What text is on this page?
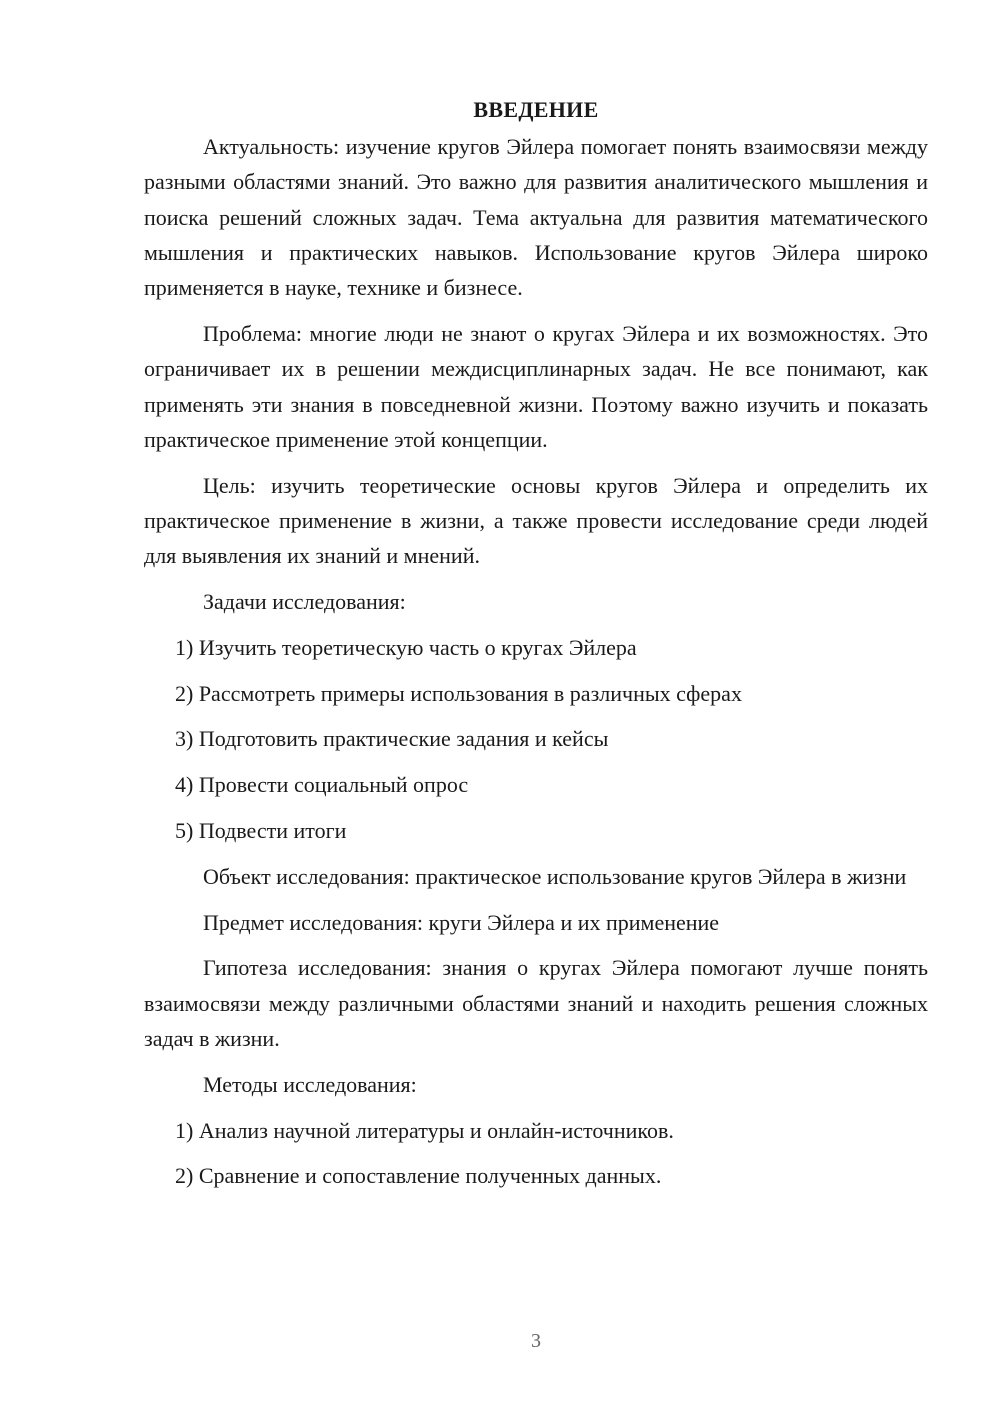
ВВЕДЕНИЕ

Актуальность: изучение кругов Эйлера помогает понять взаимосвязи между разными областями знаний. Это важно для развития аналитического мышления и поиска решений сложных задач. Тема актуальна для развития математического мышления и практических навыков. Использование кругов Эйлера широко применяется в науке, технике и бизнесе.

Проблема: многие люди не знают о кругах Эйлера и их возможностях. Это ограничивает их в решении междисциплинарных задач. Не все понимают, как применять эти знания в повседневной жизни. Поэтому важно изучить и показать практическое применение этой концепции.

Цель: изучить теоретические основы кругов Эйлера и определить их практическое применение в жизни, а также провести исследование среди людей для выявления их знаний и мнений.

Задачи исследования:

1) Изучить теоретическую часть о кругах Эйлера
2) Рассмотреть примеры использования в различных сферах
3) Подготовить практические задания и кейсы
4) Провести социальный опрос
5) Подвести итоги

Объект исследования: практическое использование кругов Эйлера в жизни

Предмет исследования: круги Эйлера и их применение

Гипотеза исследования: знания о кругах Эйлера помогают лучше понять взаимосвязи между различными областями знаний и находить решения сложных задач в жизни.

Методы исследования:

1) Анализ научной литературы и онлайн-источников.
2) Сравнение и сопоставление полученных данных.
3
